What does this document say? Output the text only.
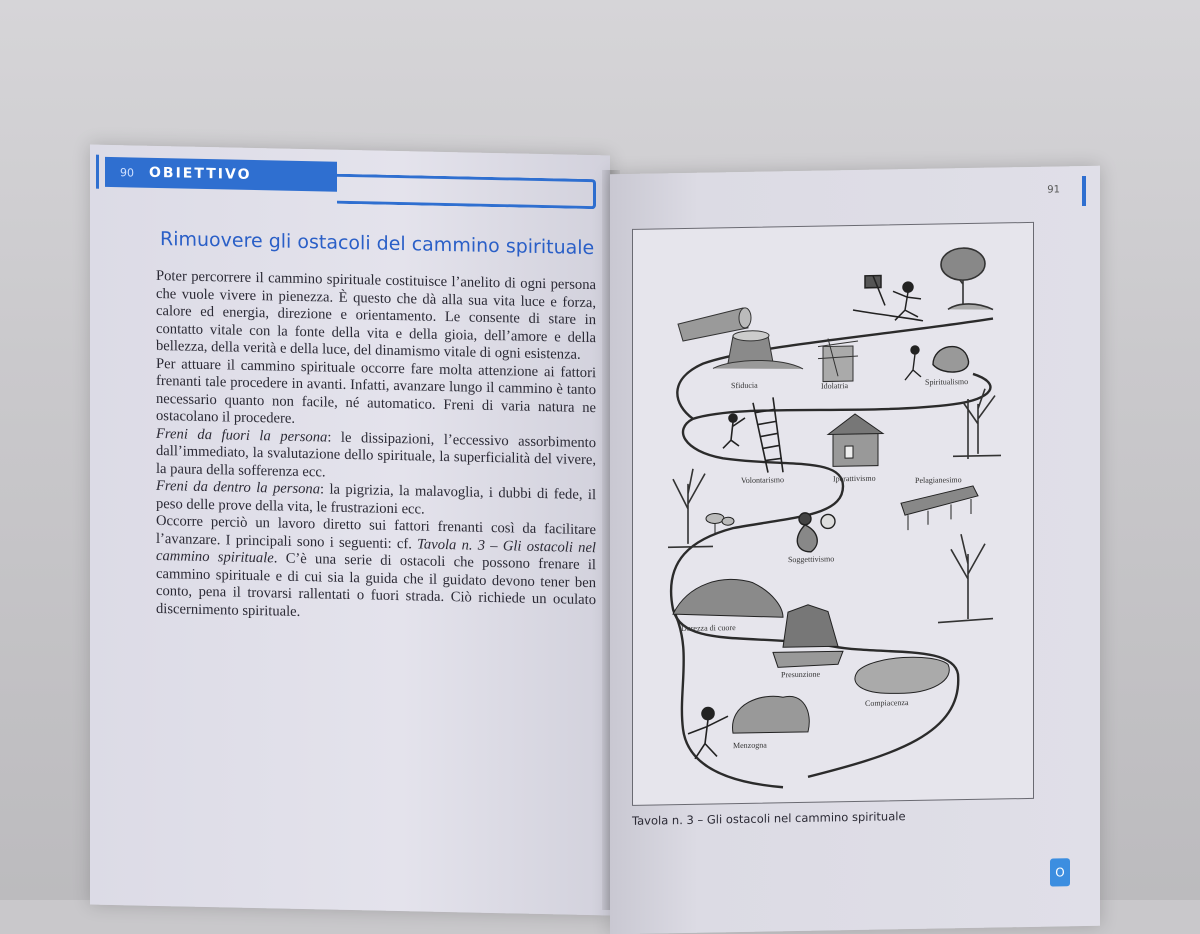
90	OBIETTIVO
Rimuovere gli ostacoli del cammino spirituale

Poter percorrere il cammino spirituale costituisce l’anelito di ogni persona che vuole vivere in pienezza. È questo che dà alla sua vita luce e forza, calore ed energia, direzione e orientamento. Le consente di stare in contatto vitale con la fonte della vita e della gioia, dell’amore e della bellezza, della verità e della luce, del dinamismo vitale di ogni esistenza.

Per attuare il cammino spirituale occorre fare molta attenzione ai fattori frenanti tale procedere in avanti. Infatti, avanzare lungo il cammino è tanto necessario quanto non facile, né automatico. Freni di varia natura ne ostacolano il procedere.

Freni da fuori la persona: le dissipazioni, l’eccessivo assorbimento dall’immediato, la svalutazione dello spirituale, la superficialità del vivere, la paura della sofferenza ecc.

Freni da dentro la persona: la pigrizia, la malavoglia, i dubbi di fede, il peso delle prove della vita, le frustrazioni ecc.

Occorre perciò un lavoro diretto sui fattori frenanti così da facilitare l’avanzare. I principali sono i seguenti: cf. Tavola n. 3 – Gli ostacoli nel cammino spirituale. C’è una serie di ostacoli che possono frenare il cammino spirituale e di cui sia la guida che il guidato devono tener ben conto, pena il trovarsi rallentati o fuori strada. Ciò richiede un oculato discernimento spirituale.

91
Sfiducia	Idolatria	Spiritualismo
Volontarismo	Iperattivismo	Pelagianesimo
Soggettivismo
Durezza di cuore
Presunzione
Compiacenza
Menzogna
Tavola n. 3 – Gli ostacoli nel cammino spirituale
O
